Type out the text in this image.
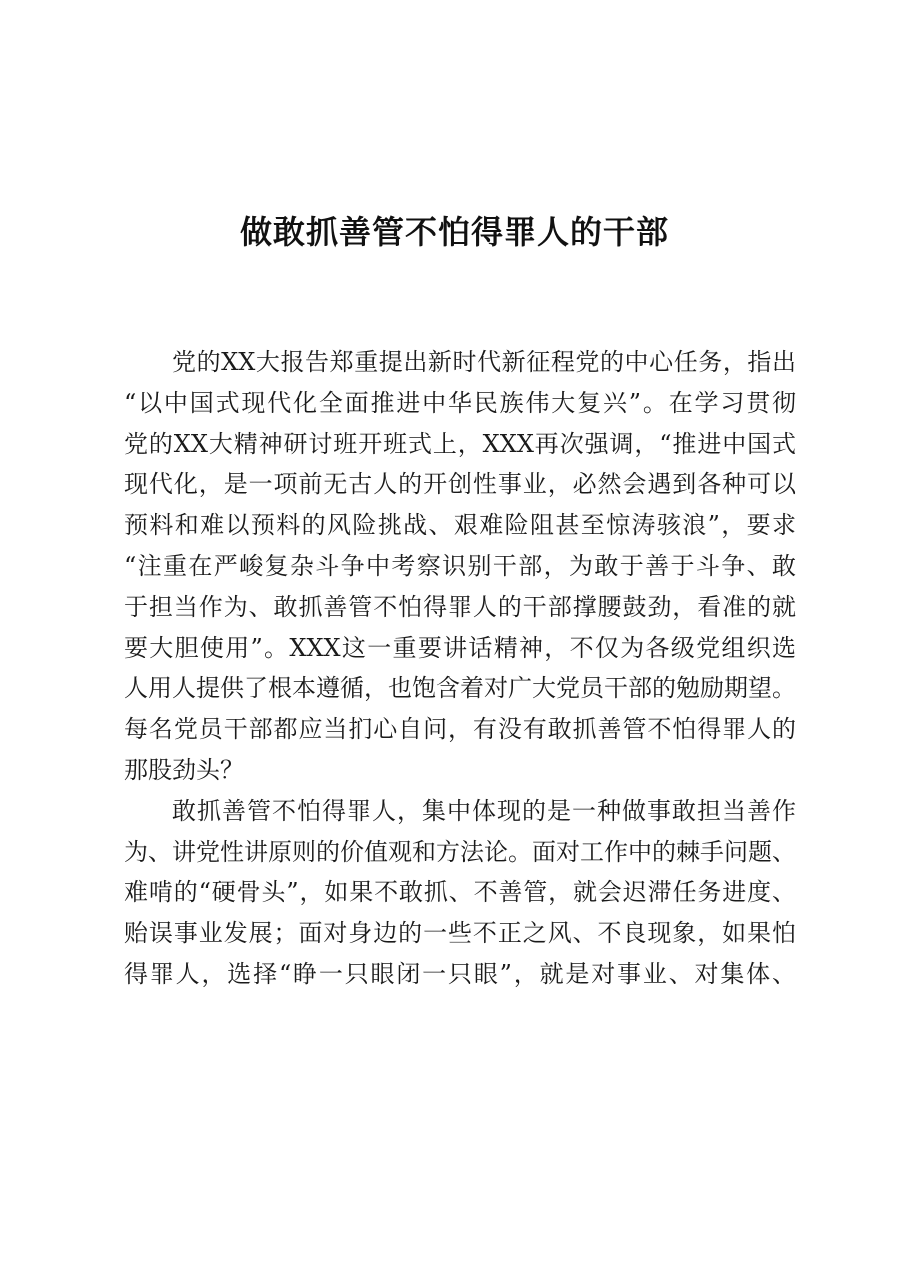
做敢抓善管不怕得罪人的干部
党的XX大报告郑重提出新时代新征程党的中心任务，指出
“以中国式现代化全面推进中华民族伟大复兴”。在学习贯彻
党的XX大精神研讨班开班式上，XXX再次强调，“推进中国式
现代化，是一项前无古人的开创性事业，必然会遇到各种可以
预料和难以预料的风险挑战、艰难险阻甚至惊涛骇浪”，要求
“注重在严峻复杂斗争中考察识别干部，为敢于善于斗争、敢
于担当作为、敢抓善管不怕得罪人的干部撑腰鼓劲，看准的就
要大胆使用”。XXX这一重要讲话精神，不仅为各级党组织选
人用人提供了根本遵循，也饱含着对广大党员干部的勉励期望。
每名党员干部都应当扪心自问，有没有敢抓善管不怕得罪人的
那股劲头？
敢抓善管不怕得罪人，集中体现的是一种做事敢担当善作
为、讲党性讲原则的价值观和方法论。面对工作中的棘手问题、
难啃的“硬骨头”，如果不敢抓、不善管，就会迟滞任务进度、
贻误事业发展；面对身边的一些不正之风、不良现象，如果怕
得罪人，选择“睁一只眼闭一只眼”，就是对事业、对集体、
